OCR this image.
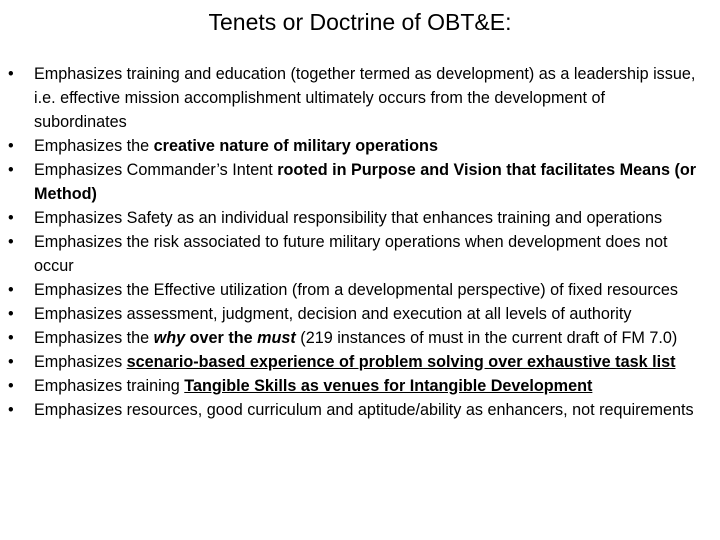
Tenets or Doctrine of OBT&E:
• Emphasizes training and education (together termed as development) as a leadership issue, i.e. effective mission accomplishment ultimately occurs from the development of subordinates
• Emphasizes the creative nature of military operations
• Emphasizes Commander’s Intent rooted in Purpose and Vision that facilitates Means (or Method)
• Emphasizes Safety as an individual responsibility that enhances training and operations
• Emphasizes the risk associated to future military operations when development does not occur
• Emphasizes the Effective utilization (from a developmental perspective) of fixed resources
• Emphasizes assessment, judgment, decision and execution at all levels of authority
• Emphasizes the why over the must (219 instances of must in the current draft of FM 7.0)
• Emphasizes scenario-based experience of problem solving over exhaustive task list
• Emphasizes training Tangible Skills as venues for Intangible Development
• Emphasizes resources, good curriculum and aptitude/ability as enhancers, not requirements
